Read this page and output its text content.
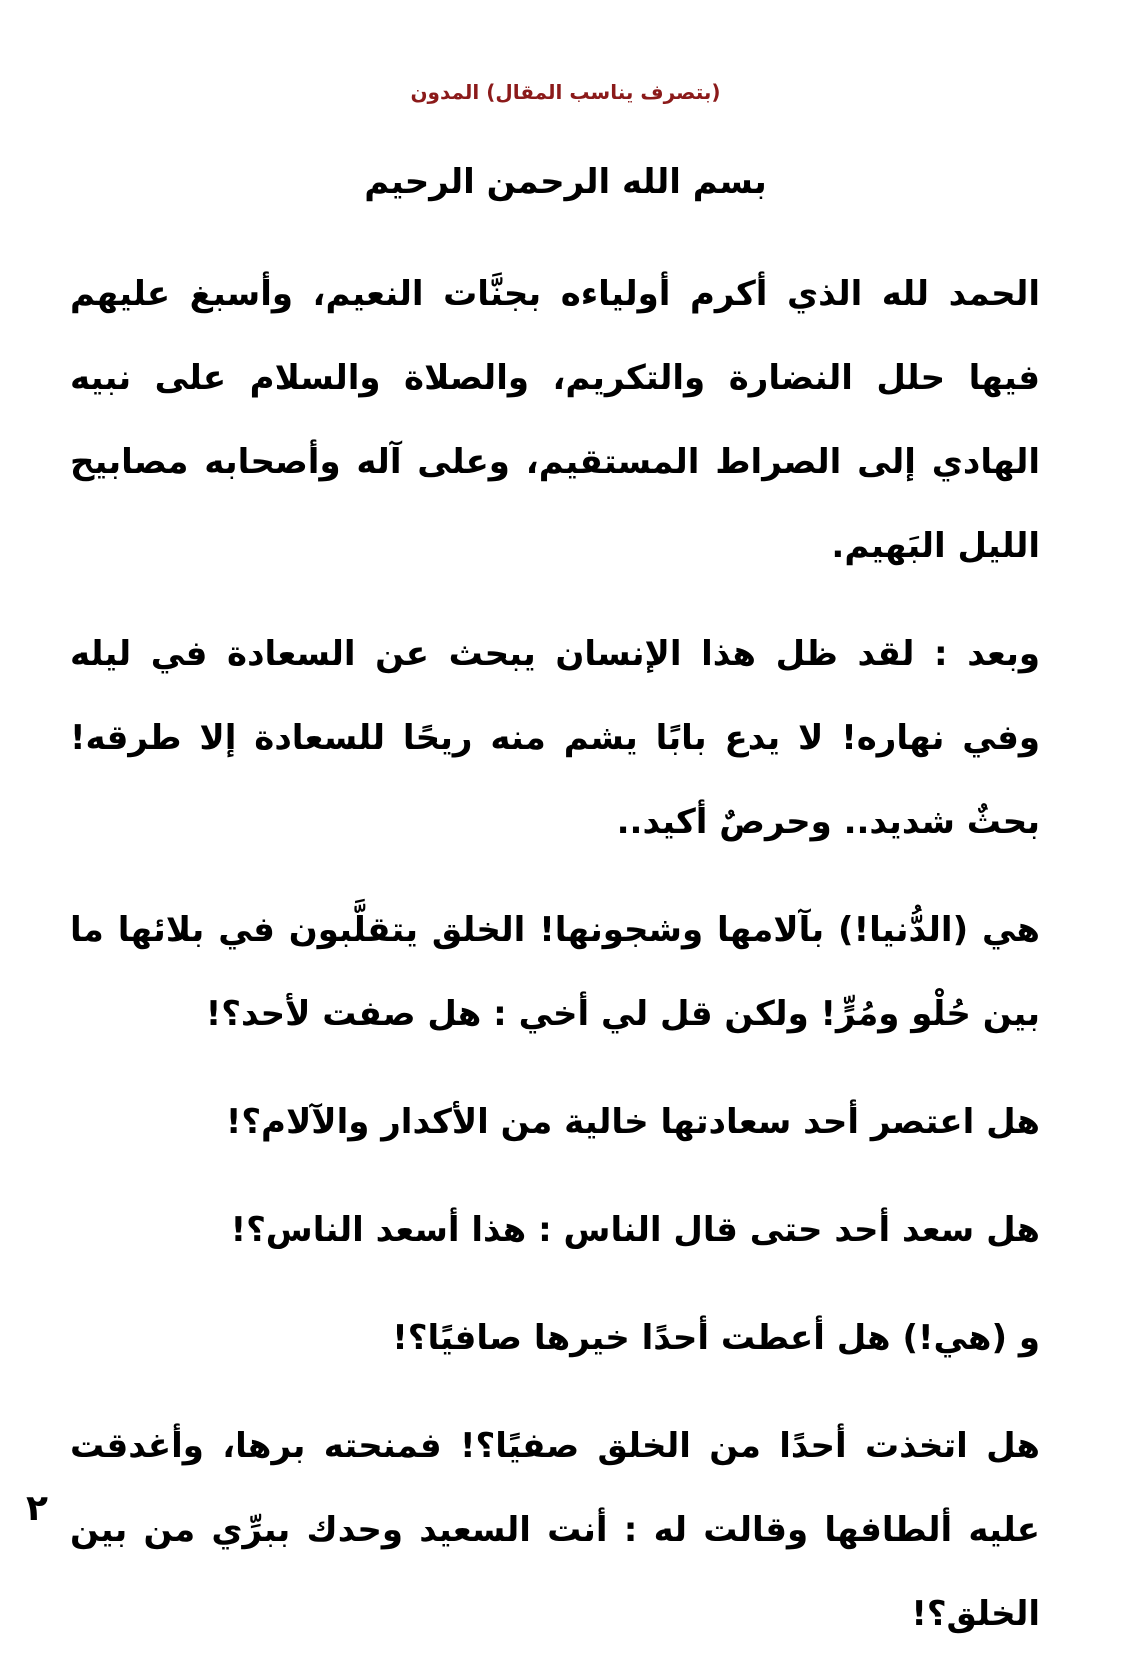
(بتصرف يناسب المقال) المدون
بسم الله الرحمن الرحيم

الحمد لله الذي أكرم أولياءه بجنَّات النعيم، وأسبغ عليهم فيها حلل النضارة والتكريم، والصلاة والسلام على نبيه الهادي إلى الصراط المستقيم، وعلى آله وأصحابه مصابيح الليل البَهيم.

وبعد : لقد ظل هذا الإنسان يبحث عن السعادة في ليله وفي نهاره! لا يدع بابًا يشم منه ريحًا للسعادة إلا طرقه! بحثٌ شديد.. وحرصٌ أكيد..

هي (الدُّنيا!) بآلامها وشجونها! الخلق يتقلَّبون في بلائها ما بين حُلْو ومُرٍّ! ولكن قل لي أخي : هل صفت لأحد؟!

هل اعتصر أحد سعادتها خالية من الأكدار والآلام؟!

هل سعد أحد حتى قال الناس : هذا أسعد الناس؟!

و (هي!) هل أعطت أحدًا خيرها صافيًا؟!

هل اتخذت أحدًا من الخلق صفيًا؟! فمنحته برها، وأغدقت عليه ألطافها وقالت له : أنت السعيد وحدك ببرِّي من بين الخلق؟!

٢
